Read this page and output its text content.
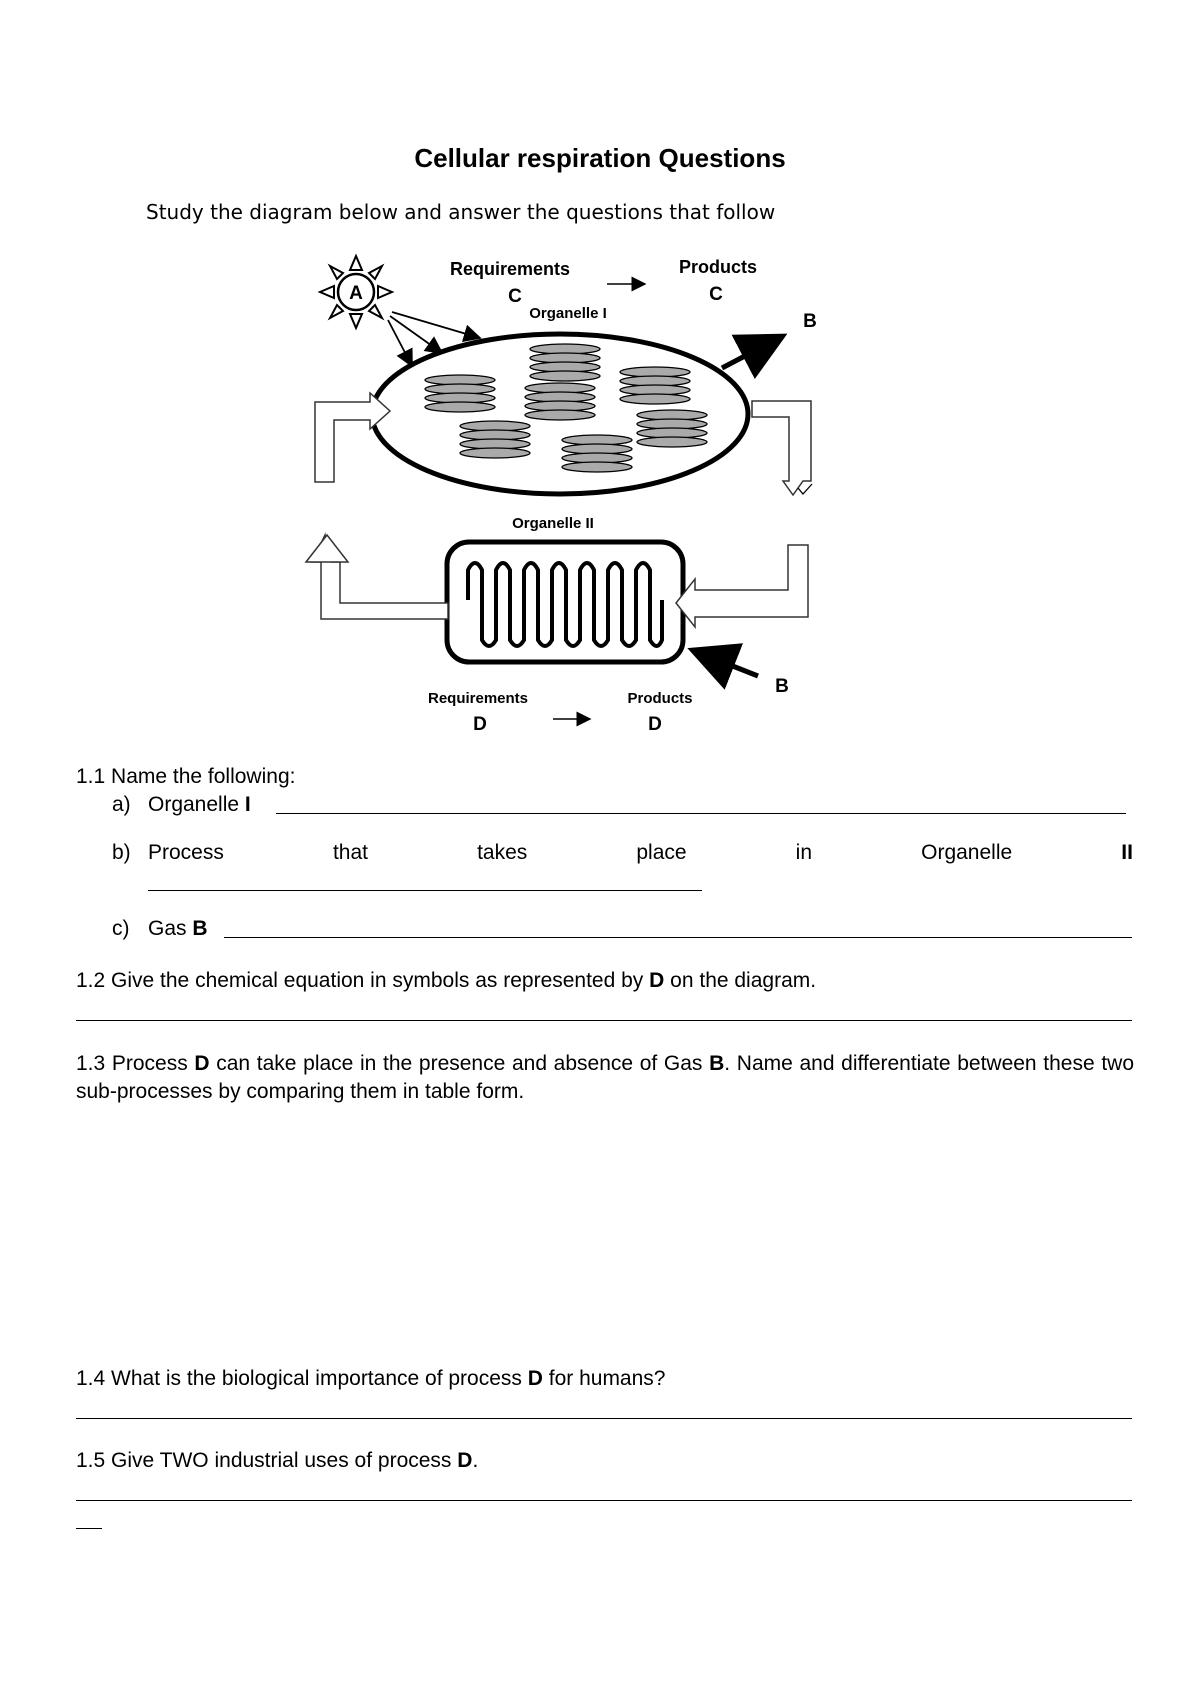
Cellular respiration Questions
Study the diagram below and answer the questions that follow
A
Requirements	Products
C	C
Organelle I	B
Organelle II
B
Requirements	Products
D	D
1.1 Name the following:
a) Organelle I
b) Process	that	takes	place	in	Organelle	II
c) Gas B
1.2 Give the chemical equation in symbols as represented by D on the diagram.
1.3 Process D can take place in the presence and absence of Gas B. Name and differentiate between these two sub-processes by comparing them in table form.
1.4 What is the biological importance of process D for humans?
1.5 Give TWO industrial uses of process D.
